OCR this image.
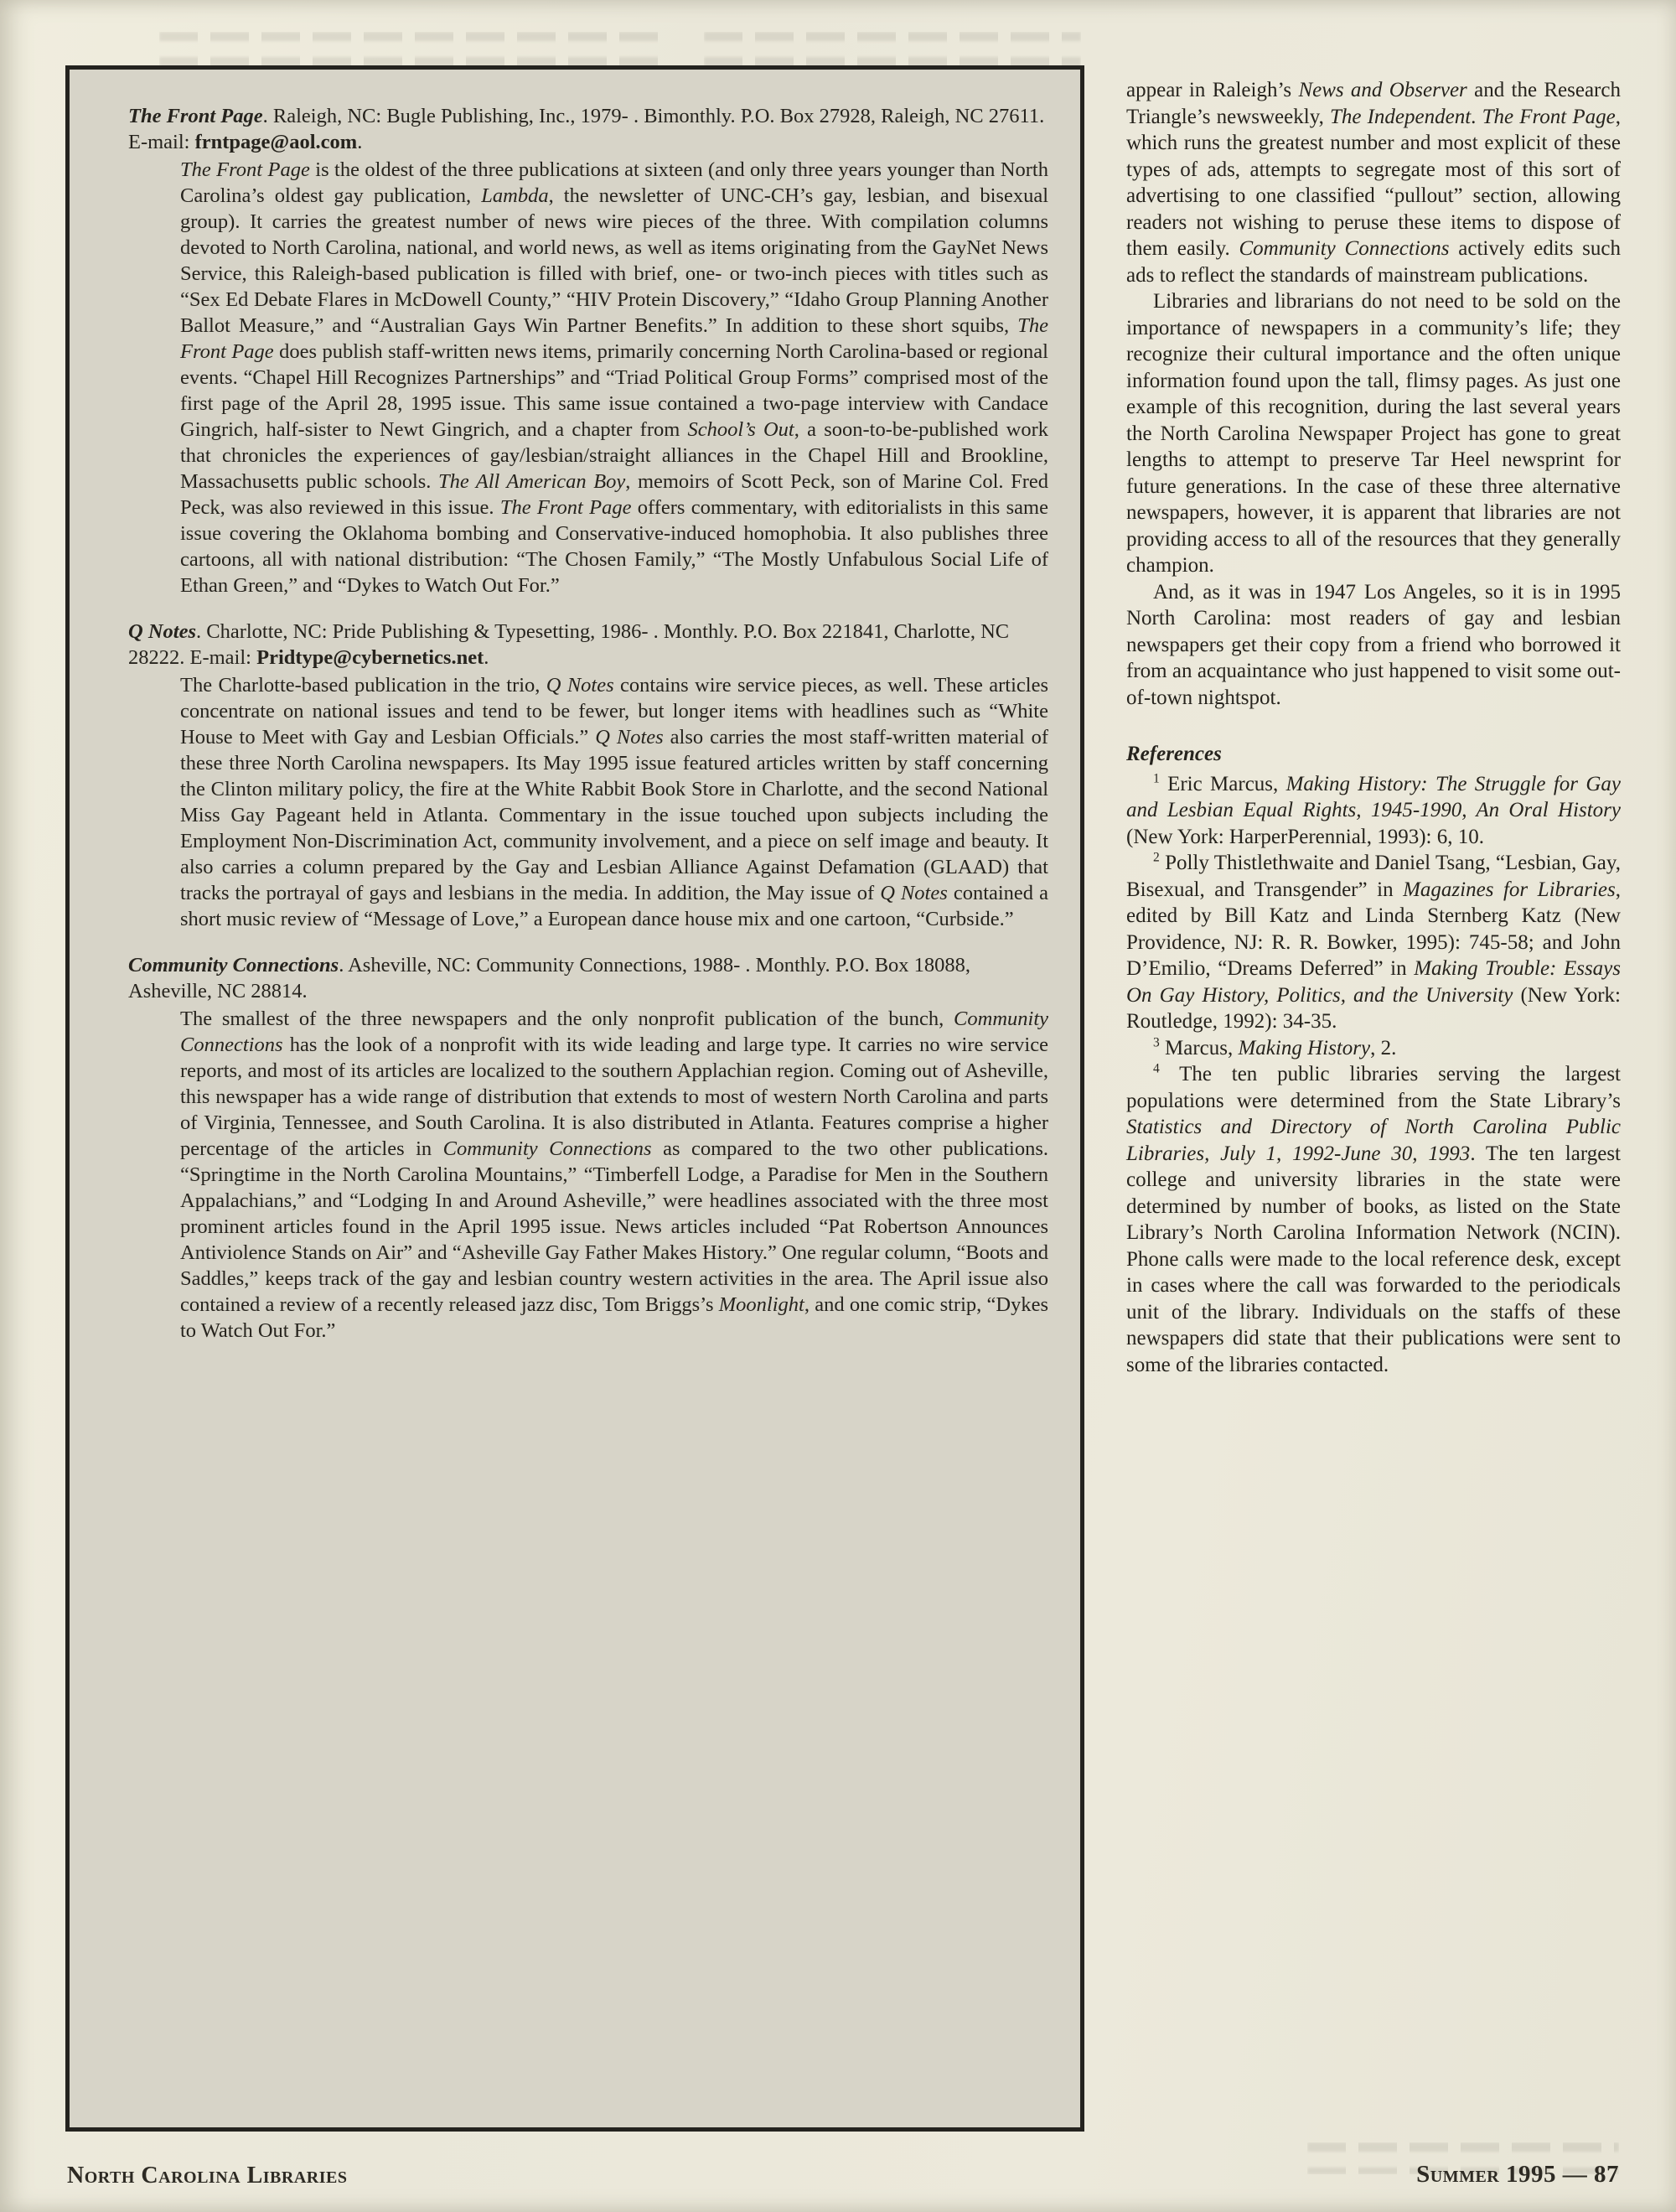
The Front Page. Raleigh, NC: Bugle Publishing, Inc., 1979- . Bimonthly. P.O. Box 27928, Raleigh, NC 27611. E-mail: frntpage@aol.com.

The Front Page is the oldest of the three publications at sixteen (and only three years younger than North Carolina’s oldest gay publication, Lambda, the newsletter of UNC-CH’s gay, lesbian, and bisexual group). It carries the greatest number of news wire pieces of the three. With compilation columns devoted to North Carolina, national, and world news, as well as items originating from the GayNet News Service, this Raleigh-based publication is filled with brief, one- or two-inch pieces with titles such as “Sex Ed Debate Flares in McDowell County,” “HIV Protein Discovery,” “Idaho Group Planning Another Ballot Measure,” and “Australian Gays Win Partner Benefits.” In addition to these short squibs, The Front Page does publish staff-written news items, primarily concerning North Carolina-based or regional events. “Chapel Hill Recognizes Partnerships” and “Triad Political Group Forms” comprised most of the first page of the April 28, 1995 issue. This same issue contained a two-page interview with Candace Gingrich, half-sister to Newt Gingrich, and a chapter from School’s Out, a soon-to-be-published work that chronicles the experiences of gay/lesbian/straight alliances in the Chapel Hill and Brookline, Massachusetts public schools. The All American Boy, memoirs of Scott Peck, son of Marine Col. Fred Peck, was also reviewed in this issue. The Front Page offers commentary, with editorialists in this same issue covering the Oklahoma bombing and Conservative-induced homophobia. It also publishes three cartoons, all with national distribution: “The Chosen Family,” “The Mostly Unfabulous Social Life of Ethan Green,” and “Dykes to Watch Out For.”

Q Notes. Charlotte, NC: Pride Publishing & Typesetting, 1986- . Monthly. P.O. Box 221841, Charlotte, NC 28222. E-mail: Pridtype@cybernetics.net.

The Charlotte-based publication in the trio, Q Notes contains wire service pieces, as well. These articles concentrate on national issues and tend to be fewer, but longer items with headlines such as “White House to Meet with Gay and Lesbian Officials.” Q Notes also carries the most staff-written material of these three North Carolina newspapers. Its May 1995 issue featured articles written by staff concerning the Clinton military policy, the fire at the White Rabbit Book Store in Charlotte, and the second National Miss Gay Pageant held in Atlanta. Commentary in the issue touched upon subjects including the Employment Non-Discrimination Act, community involvement, and a piece on self image and beauty. It also carries a column prepared by the Gay and Lesbian Alliance Against Defamation (GLAAD) that tracks the portrayal of gays and lesbians in the media. In addition, the May issue of Q Notes contained a short music review of “Message of Love,” a European dance house mix and one cartoon, “Curbside.”

Community Connections. Asheville, NC: Community Connections, 1988- . Monthly. P.O. Box 18088, Asheville, NC 28814.

The smallest of the three newspapers and the only nonprofit publication of the bunch, Community Connections has the look of a nonprofit with its wide leading and large type. It carries no wire service reports, and most of its articles are localized to the southern Applachian region. Coming out of Asheville, this newspaper has a wide range of distribution that extends to most of western North Carolina and parts of Virginia, Tennessee, and South Carolina. It is also distributed in Atlanta. Features comprise a higher percentage of the articles in Community Connections as compared to the two other publications. “Springtime in the North Carolina Mountains,” “Timberfell Lodge, a Paradise for Men in the Southern Appalachians,” and “Lodging In and Around Asheville,” were headlines associated with the three most prominent articles found in the April 1995 issue. News articles included “Pat Robertson Announces Antiviolence Stands on Air” and “Asheville Gay Father Makes History.” One regular column, “Boots and Saddles,” keeps track of the gay and lesbian country western activities in the area. The April issue also contained a review of a recently released jazz disc, Tom Briggs’s Moonlight, and one comic strip, “Dykes to Watch Out For.”

appear in Raleigh’s News and Observer and the Research Triangle’s newsweekly, The Independent. The Front Page, which runs the greatest number and most explicit of these types of ads, attempts to segregate most of this sort of advertising to one classified “pullout” section, allowing readers not wishing to peruse these items to dispose of them easily. Community Connections actively edits such ads to reflect the standards of mainstream publications.

Libraries and librarians do not need to be sold on the importance of newspapers in a community’s life; they recognize their cultural importance and the often unique information found upon the tall, flimsy pages. As just one example of this recognition, during the last several years the North Carolina Newspaper Project has gone to great lengths to attempt to preserve Tar Heel newsprint for future generations. In the case of these three alternative newspapers, however, it is apparent that libraries are not providing access to all of the resources that they generally champion.

And, as it was in 1947 Los Angeles, so it is in 1995 North Carolina: most readers of gay and lesbian newspapers get their copy from a friend who borrowed it from an acquaintance who just happened to visit some out-of-town nightspot.

References

$^1$ Eric Marcus, Making History: The Struggle for Gay and Lesbian Equal Rights, 1945-1990, An Oral History (New York: HarperPerennial, 1993): 6, 10.

$^2$ Polly Thistlethwaite and Daniel Tsang, “Lesbian, Gay, Bisexual, and Transgender” in Magazines for Libraries, edited by Bill Katz and Linda Sternberg Katz (New Providence, NJ: R. R. Bowker, 1995): 745-58; and John D’Emilio, “Dreams Deferred” in Making Trouble: Essays On Gay History, Politics, and the University (New York: Routledge, 1992): 34-35.

$^3$ Marcus, Making History, 2.

$^4$ The ten public libraries serving the largest populations were determined from the State Library’s Statistics and Directory of North Carolina Public Libraries, July 1, 1992-June 30, 1993. The ten largest college and university libraries in the state were determined by number of books, as listed on the State Library’s North Carolina Information Network (NCIN). Phone calls were made to the local reference desk, except in cases where the call was forwarded to the periodicals unit of the library. Individuals on the staffs of these newspapers did state that their publications were sent to some of the libraries contacted.

North Carolina Libraries	Summer 1995 — 87
